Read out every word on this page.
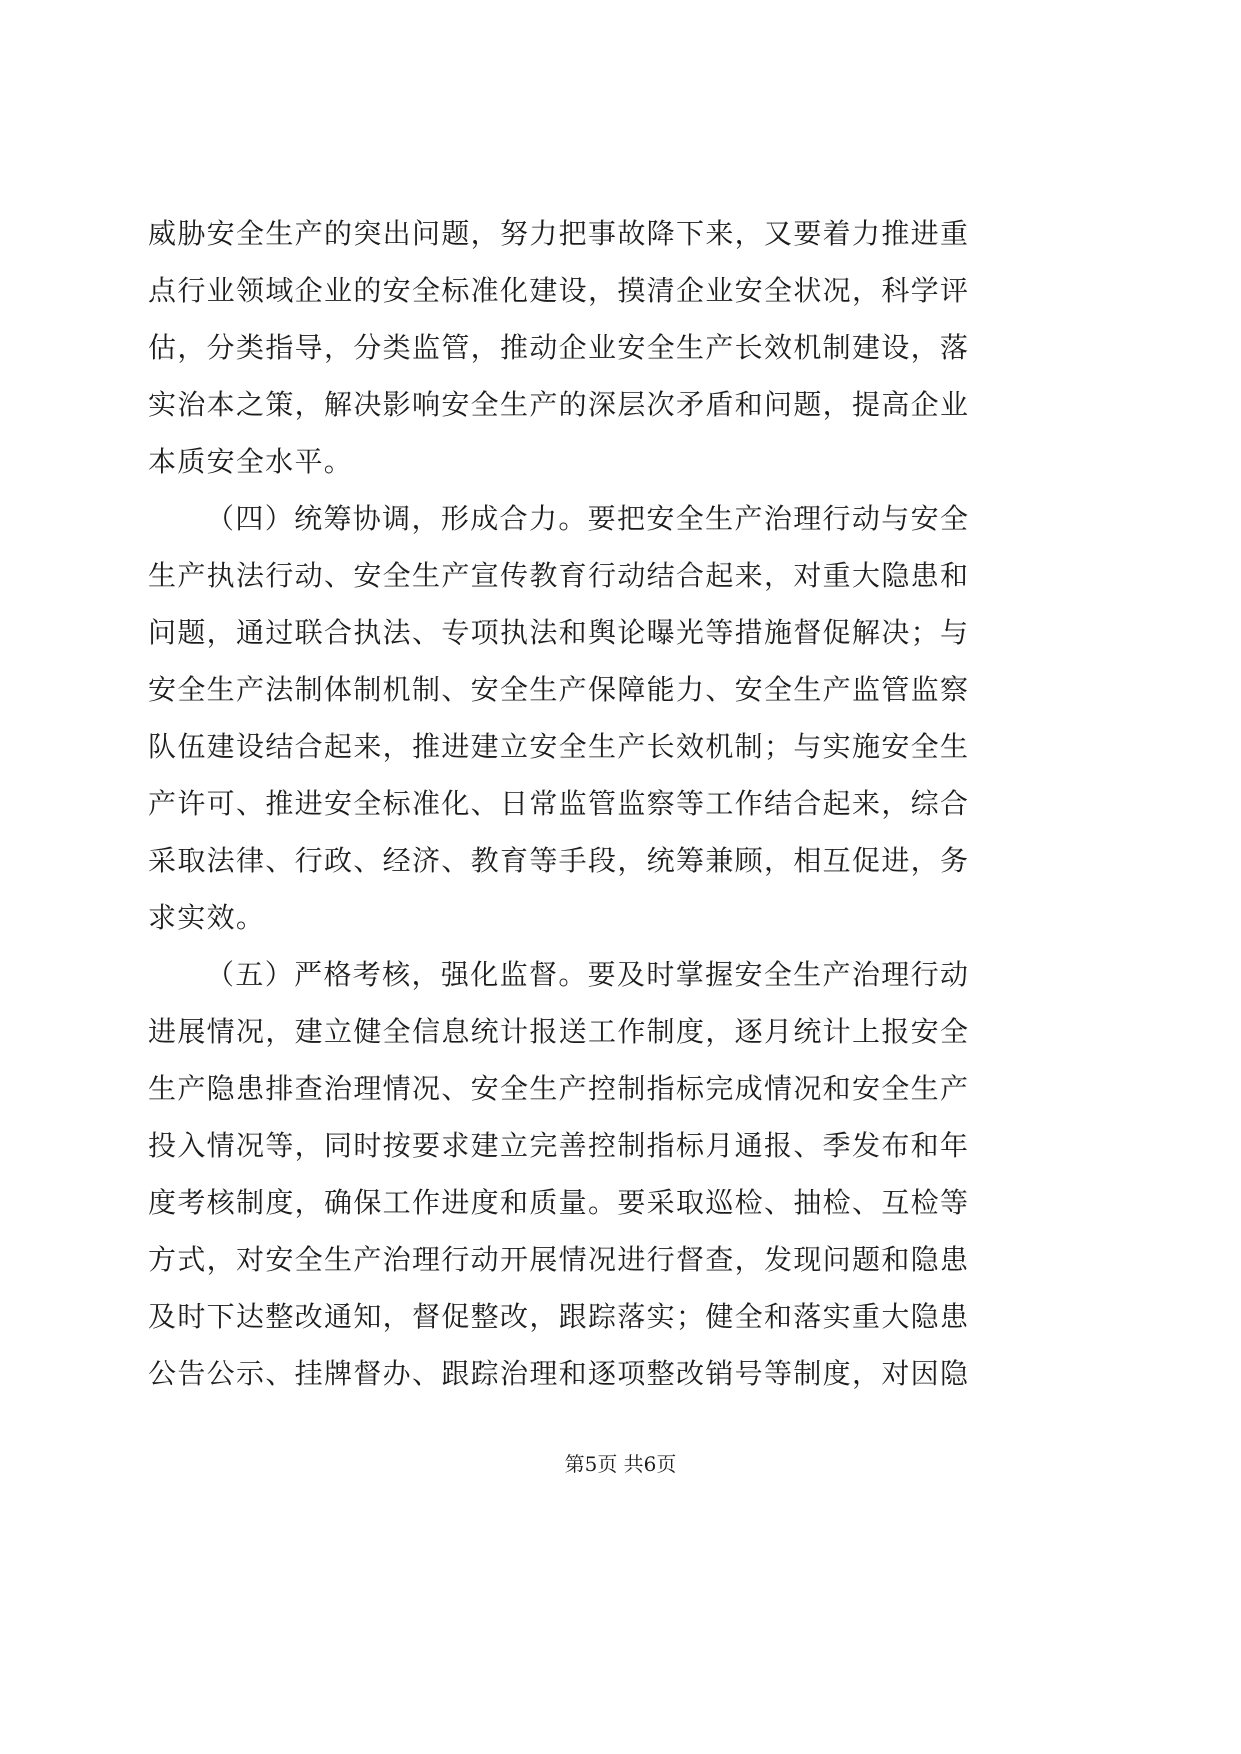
威胁安全生产的突出问题，努力把事故降下来，又要着力推进重
点行业领域企业的安全标准化建设，摸清企业安全状况，科学评
估，分类指导，分类监管，推动企业安全生产长效机制建设，落
实治本之策，解决影响安全生产的深层次矛盾和问题，提高企业
本质安全水平。
（四）统筹协调，形成合力。要把安全生产治理行动与安全
生产执法行动、安全生产宣传教育行动结合起来，对重大隐患和
问题，通过联合执法、专项执法和舆论曝光等措施督促解决；与
安全生产法制体制机制、安全生产保障能力、安全生产监管监察
队伍建设结合起来，推进建立安全生产长效机制；与实施安全生
产许可、推进安全标准化、日常监管监察等工作结合起来，综合
采取法律、行政、经济、教育等手段，统筹兼顾，相互促进，务
求实效。
（五）严格考核，强化监督。要及时掌握安全生产治理行动
进展情况，建立健全信息统计报送工作制度，逐月统计上报安全
生产隐患排查治理情况、安全生产控制指标完成情况和安全生产
投入情况等，同时按要求建立完善控制指标月通报、季发布和年
度考核制度，确保工作进度和质量。要采取巡检、抽检、互检等
方式，对安全生产治理行动开展情况进行督查，发现问题和隐患
及时下达整改通知，督促整改，跟踪落实；健全和落实重大隐患
公告公示、挂牌督办、跟踪治理和逐项整改销号等制度，对因隐
第5页 共6页
